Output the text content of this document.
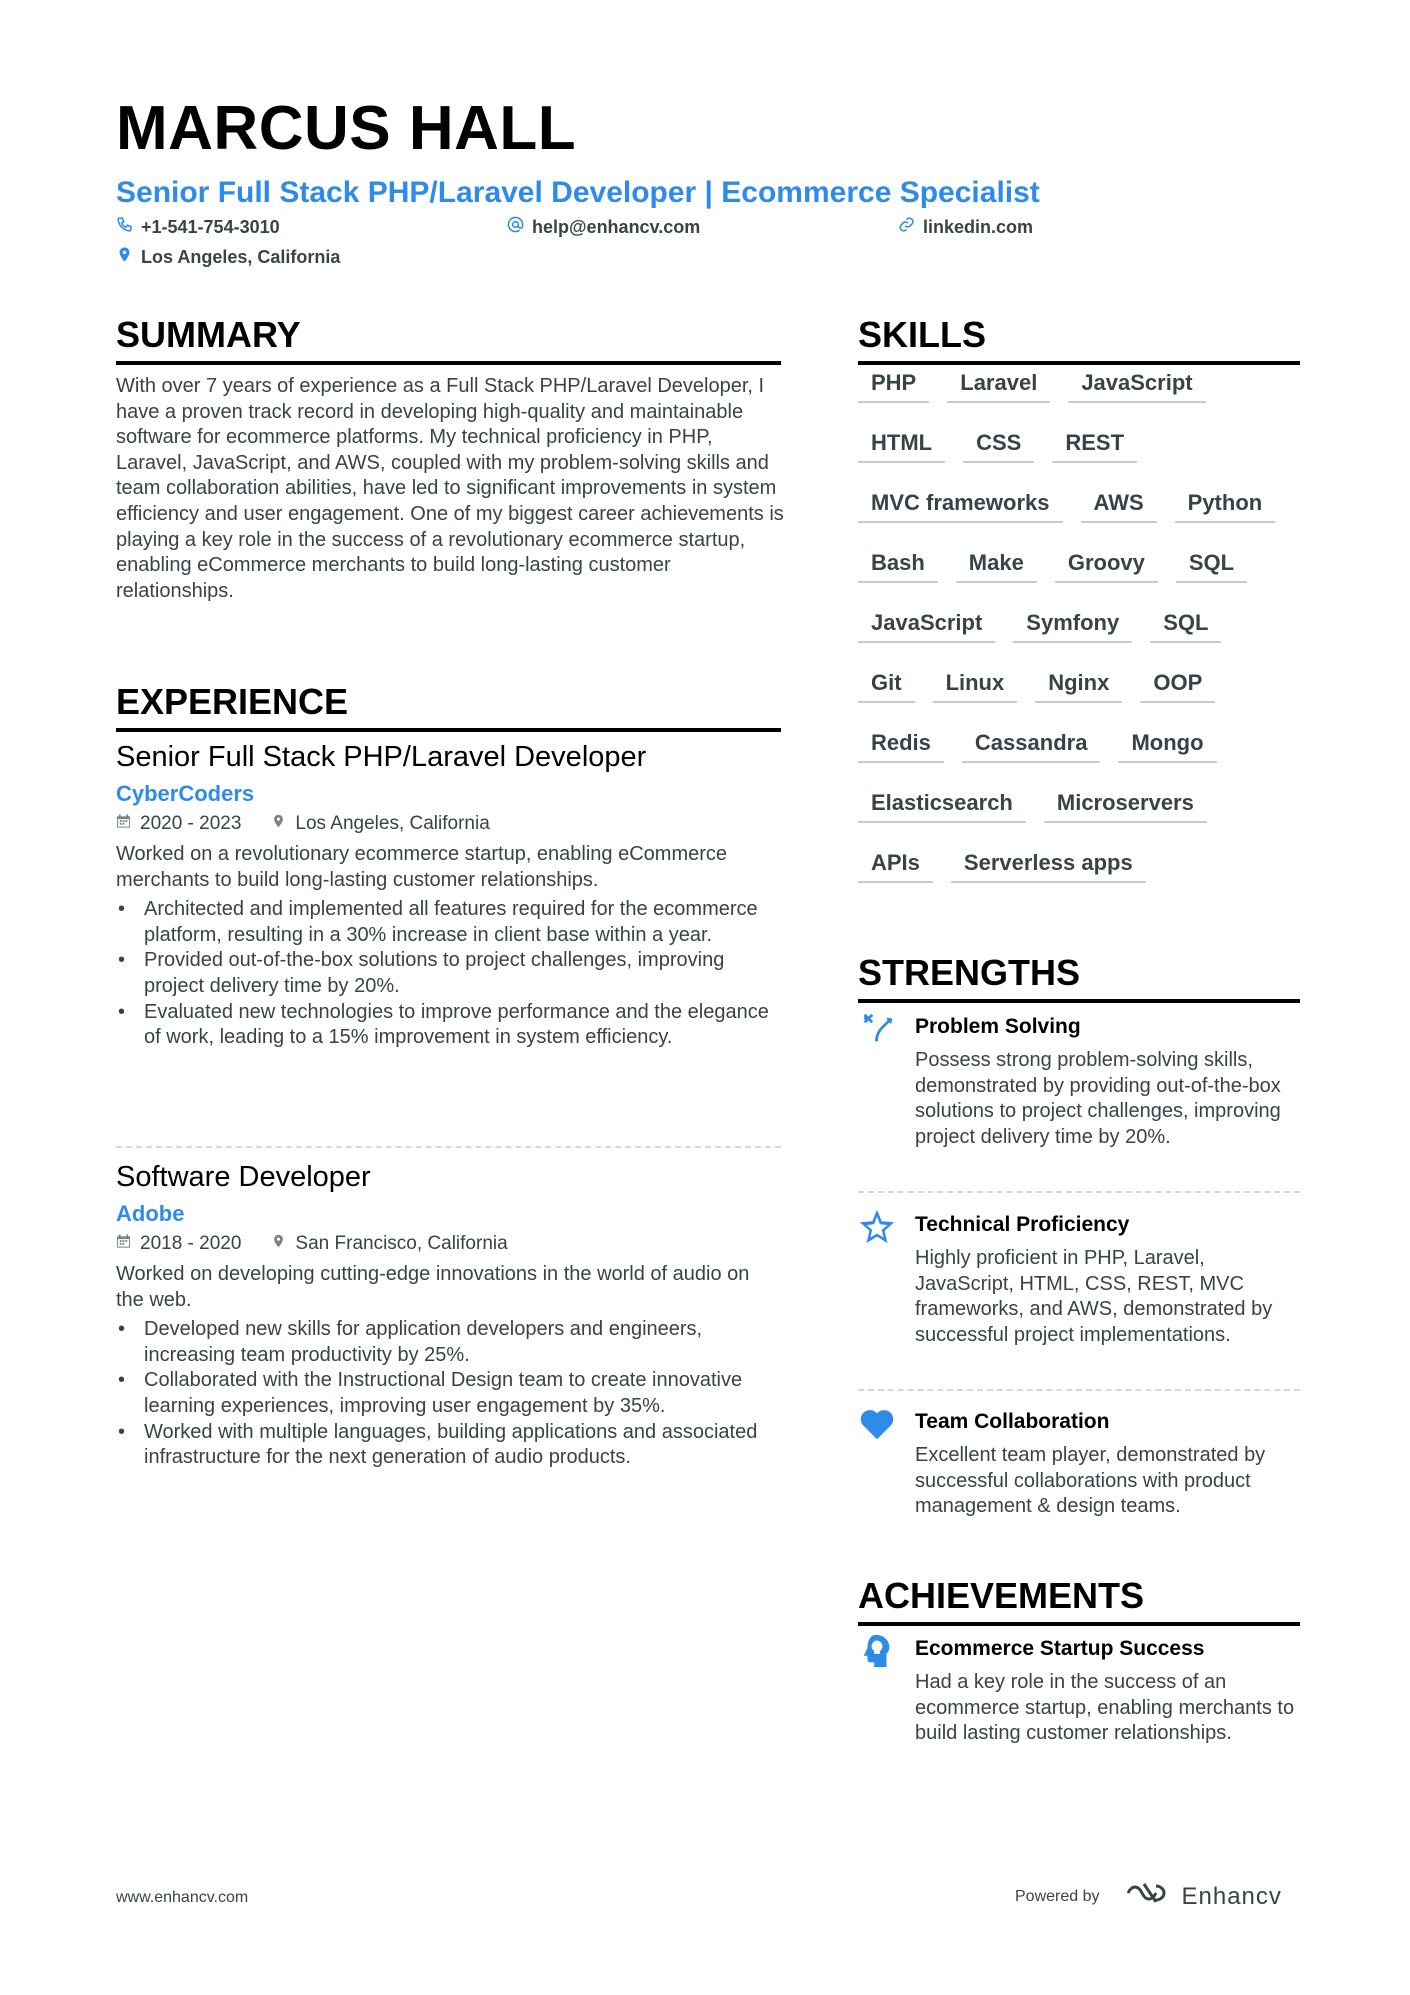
MARCUS HALL
Senior Full Stack PHP/Laravel Developer | Ecommerce Specialist
+1-541-754-3010	help@enhancv.com	linkedin.com
Los Angeles, California
SUMMARY
With over 7 years of experience as a Full Stack PHP/Laravel Developer, I have a proven track record in developing high-quality and maintainable software for ecommerce platforms. My technical proficiency in PHP, Laravel, JavaScript, and AWS, coupled with my problem-solving skills and team collaboration abilities, have led to significant improvements in system efficiency and user engagement. One of my biggest career achievements is playing a key role in the success of a revolutionary ecommerce startup, enabling eCommerce merchants to build long-lasting customer relationships.
EXPERIENCE
Senior Full Stack PHP/Laravel Developer
CyberCoders
2020 - 2023	Los Angeles, California
Worked on a revolutionary ecommerce startup, enabling eCommerce merchants to build long-lasting customer relationships.
• Architected and implemented all features required for the ecommerce platform, resulting in a 30% increase in client base within a year.
• Provided out-of-the-box solutions to project challenges, improving project delivery time by 20%.
• Evaluated new technologies to improve performance and the elegance of work, leading to a 15% improvement in system efficiency.
Software Developer
Adobe
2018 - 2020	San Francisco, California
Worked on developing cutting-edge innovations in the world of audio on the web.
• Developed new skills for application developers and engineers, increasing team productivity by 25%.
• Collaborated with the Instructional Design team to create innovative learning experiences, improving user engagement by 35%.
• Worked with multiple languages, building applications and associated infrastructure for the next generation of audio products.
SKILLS
PHP	Laravel	JavaScript
HTML	CSS	REST
MVC frameworks	AWS	Python
Bash	Make	Groovy	SQL
JavaScript	Symfony	SQL
Git	Linux	Nginx	OOP
Redis	Cassandra	Mongo
Elasticsearch	Microservers
APIs	Serverless apps
STRENGTHS
Problem Solving
Possess strong problem-solving skills, demonstrated by providing out-of-the-box solutions to project challenges, improving project delivery time by 20%.
Technical Proficiency
Highly proficient in PHP, Laravel, JavaScript, HTML, CSS, REST, MVC frameworks, and AWS, demonstrated by successful project implementations.
Team Collaboration
Excellent team player, demonstrated by successful collaborations with product management & design teams.
ACHIEVEMENTS
Ecommerce Startup Success
Had a key role in the success of an ecommerce startup, enabling merchants to build lasting customer relationships.
www.enhancv.com	Powered by	Enhancv
